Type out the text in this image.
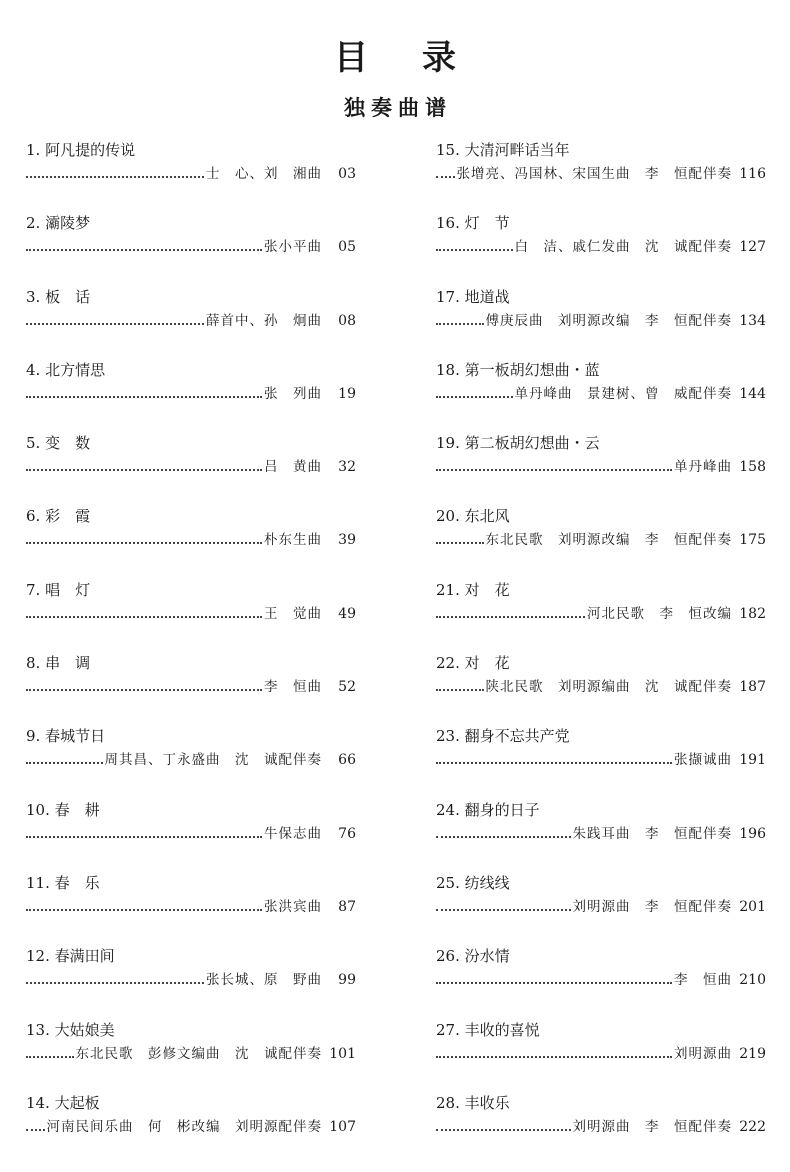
目录
独奏曲谱
1. 阿凡提的传说
士　心、刘　湘曲	03
2. 灞陵梦
张小平曲	05
3. 板　话
薛首中、孙　炯曲	08
4. 北方情思
张　列曲	19
5. 变　数
吕　黄曲	32
6. 彩　霞
朴东生曲	39
7. 唱　灯
王　觉曲	49
8. 串　调
李　恒曲	52
9. 春城节日
周其昌、丁永盛曲　沈　诚配伴奏	66
10. 春　耕
牛保志曲	76
11. 春　乐
张洪宾曲	87
12. 春满田间
张长城、原　野曲	99
13. 大姑娘美
东北民歌　彭修文编曲　沈　诚配伴奏 101
14. 大起板
河南民间乐曲　何　彬改编　刘明源配伴奏 107
15. 大清河畔话当年
张增亮、冯国林、宋国生曲　李　恒配伴奏 116
16. 灯　节
白　洁、戚仁发曲　沈　诚配伴奏 127
17. 地道战
傅庚辰曲　刘明源改编　李　恒配伴奏 134
18. 第一板胡幻想曲・蓝
单丹峰曲　景建树、曾　威配伴奏 144
19. 第二板胡幻想曲・云
单丹峰曲 158
20. 东北风
东北民歌　刘明源改编　李　恒配伴奏 175
21. 对　花
河北民歌　李　恒改编 182
22. 对　花
陕北民歌　刘明源编曲　沈　诚配伴奏 187
23. 翻身不忘共产党
张撷诚曲 191
24. 翻身的日子
朱践耳曲　李　恒配伴奏 196
25. 纺线线
刘明源曲　李　恒配伴奏 201
26. 汾水情
李　恒曲 210
27. 丰收的喜悦
刘明源曲 219
28. 丰收乐
刘明源曲　李　恒配伴奏 222
